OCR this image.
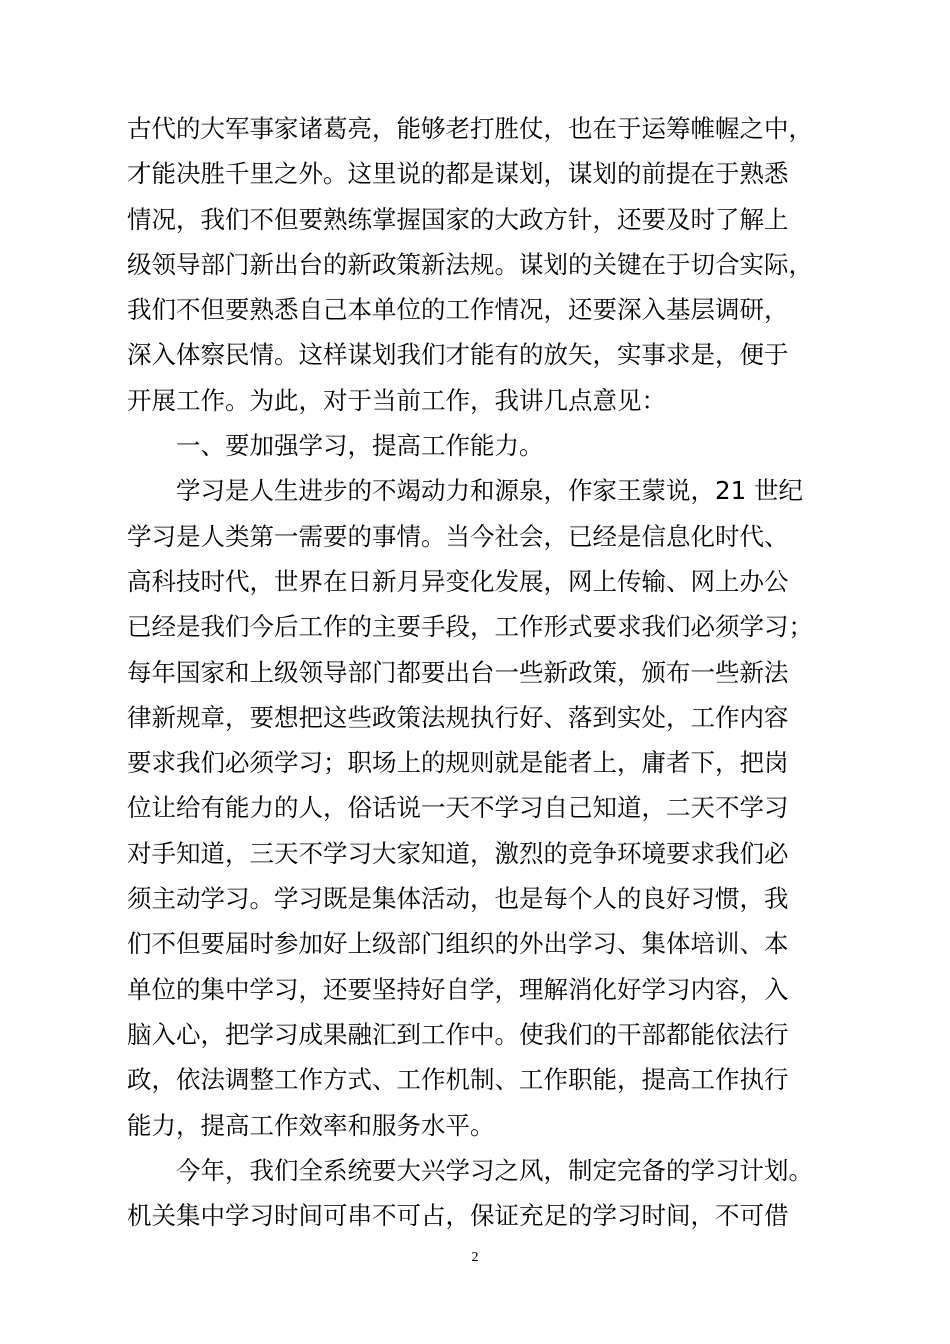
古代的大军事家诸葛亮，能够老打胜仗，也在于运筹帷幄之中，
才能决胜千里之外。这里说的都是谋划，谋划的前提在于熟悉
情况，我们不但要熟练掌握国家的大政方针，还要及时了解上
级领导部门新出台的新政策新法规。谋划的关键在于切合实际，
我们不但要熟悉自己本单位的工作情况，还要深入基层调研，
深入体察民情。这样谋划我们才能有的放矢，实事求是，便于
开展工作。为此，对于当前工作，我讲几点意见：
一、要加强学习，提高工作能力。
学习是人生进步的不竭动力和源泉，作家王蒙说，21 世纪
学习是人类第一需要的事情。当今社会，已经是信息化时代、
高科技时代，世界在日新月异变化发展，网上传输、网上办公
已经是我们今后工作的主要手段，工作形式要求我们必须学习；
每年国家和上级领导部门都要出台一些新政策，颁布一些新法
律新规章，要想把这些政策法规执行好、落到实处，工作内容
要求我们必须学习；职场上的规则就是能者上，庸者下，把岗
位让给有能力的人，俗话说一天不学习自己知道，二天不学习
对手知道，三天不学习大家知道，激烈的竞争环境要求我们必
须主动学习。学习既是集体活动，也是每个人的良好习惯，我
们不但要届时参加好上级部门组织的外出学习、集体培训、本
单位的集中学习，还要坚持好自学，理解消化好学习内容，入
脑入心，把学习成果融汇到工作中。使我们的干部都能依法行
政，依法调整工作方式、工作机制、工作职能，提高工作执行
能力，提高工作效率和服务水平。
今年，我们全系统要大兴学习之风，制定完备的学习计划。
机关集中学习时间可串不可占，保证充足的学习时间，不可借
2
